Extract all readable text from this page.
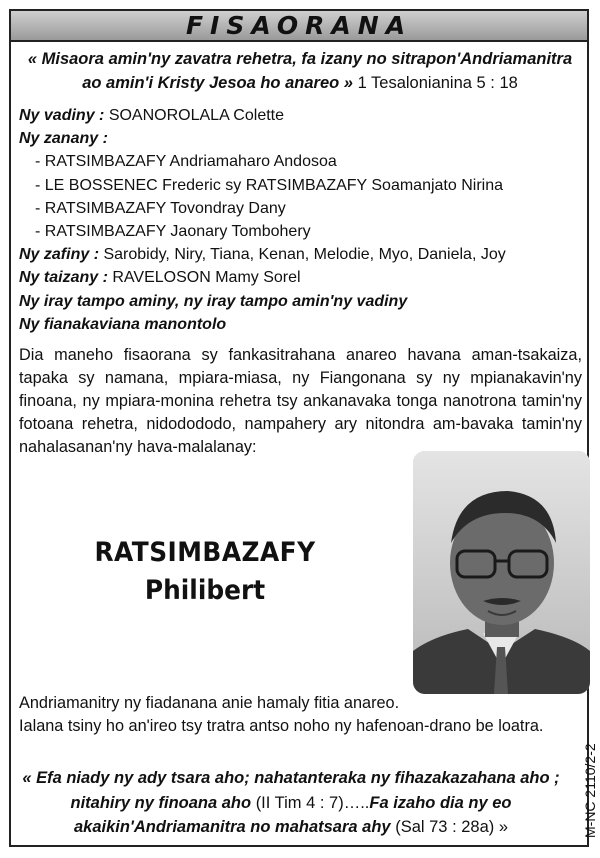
FISAORANA
« Misaora amin'ny zavatra rehetra, fa izany no sitrapon'Andriamanitra ao amin'i Kristy Jesoa ho anareo » 1 Tesalonianina 5 : 18
Ny vadiny : SOANOROLALA Colette
Ny zanany :
- RATSIMBAZAFY Andriamaharo Andosoa
- LE BOSSENEC Frederic sy RATSIMBAZAFY Soamanjato Nirina
- RATSIMBAZAFY Tovondray Dany
- RATSIMBAZAFY Jaonary Tombohery
Ny zafiny : Sarobidy, Niry, Tiana, Kenan, Melodie, Myo, Daniela, Joy
Ny taizany : RAVELOSON Mamy Sorel
Ny iray tampo aminy, ny iray tampo amin'ny vadiny
Ny fianakaviana manontolo
Dia maneho fisaorana sy fankasitrahana anareo havana aman-tsakaiza, tapaka sy namana, mpiara-miasa, ny Fiangonana sy ny mpianakavin'ny finoana, ny mpiara-monina rehetra tsy ankanavaka tonga nanotrona tamin'ny fotoana rehetra, nidodododo, nampahery ary nitondra am-bavaka tamin'ny nahalasanan'ny hava-malalanay:
RATSIMBAZAFY
Philibert
Andriamanitry ny fiadanana anie hamaly fitia anareo.
Ialana tsiny ho an'ireo tsy tratra antso noho ny hafenoan-drano be loatra.
« Efa niady ny ady tsara aho; nahatanteraka ny fihazakazahana aho ; nitahiry ny finoana aho (II Tim 4 : 7)…..Fa izaho dia ny eo akaikin'Andriamanitra no mahatsara ahy (Sal 73 : 28a) »	M-NC 2110/2-2
